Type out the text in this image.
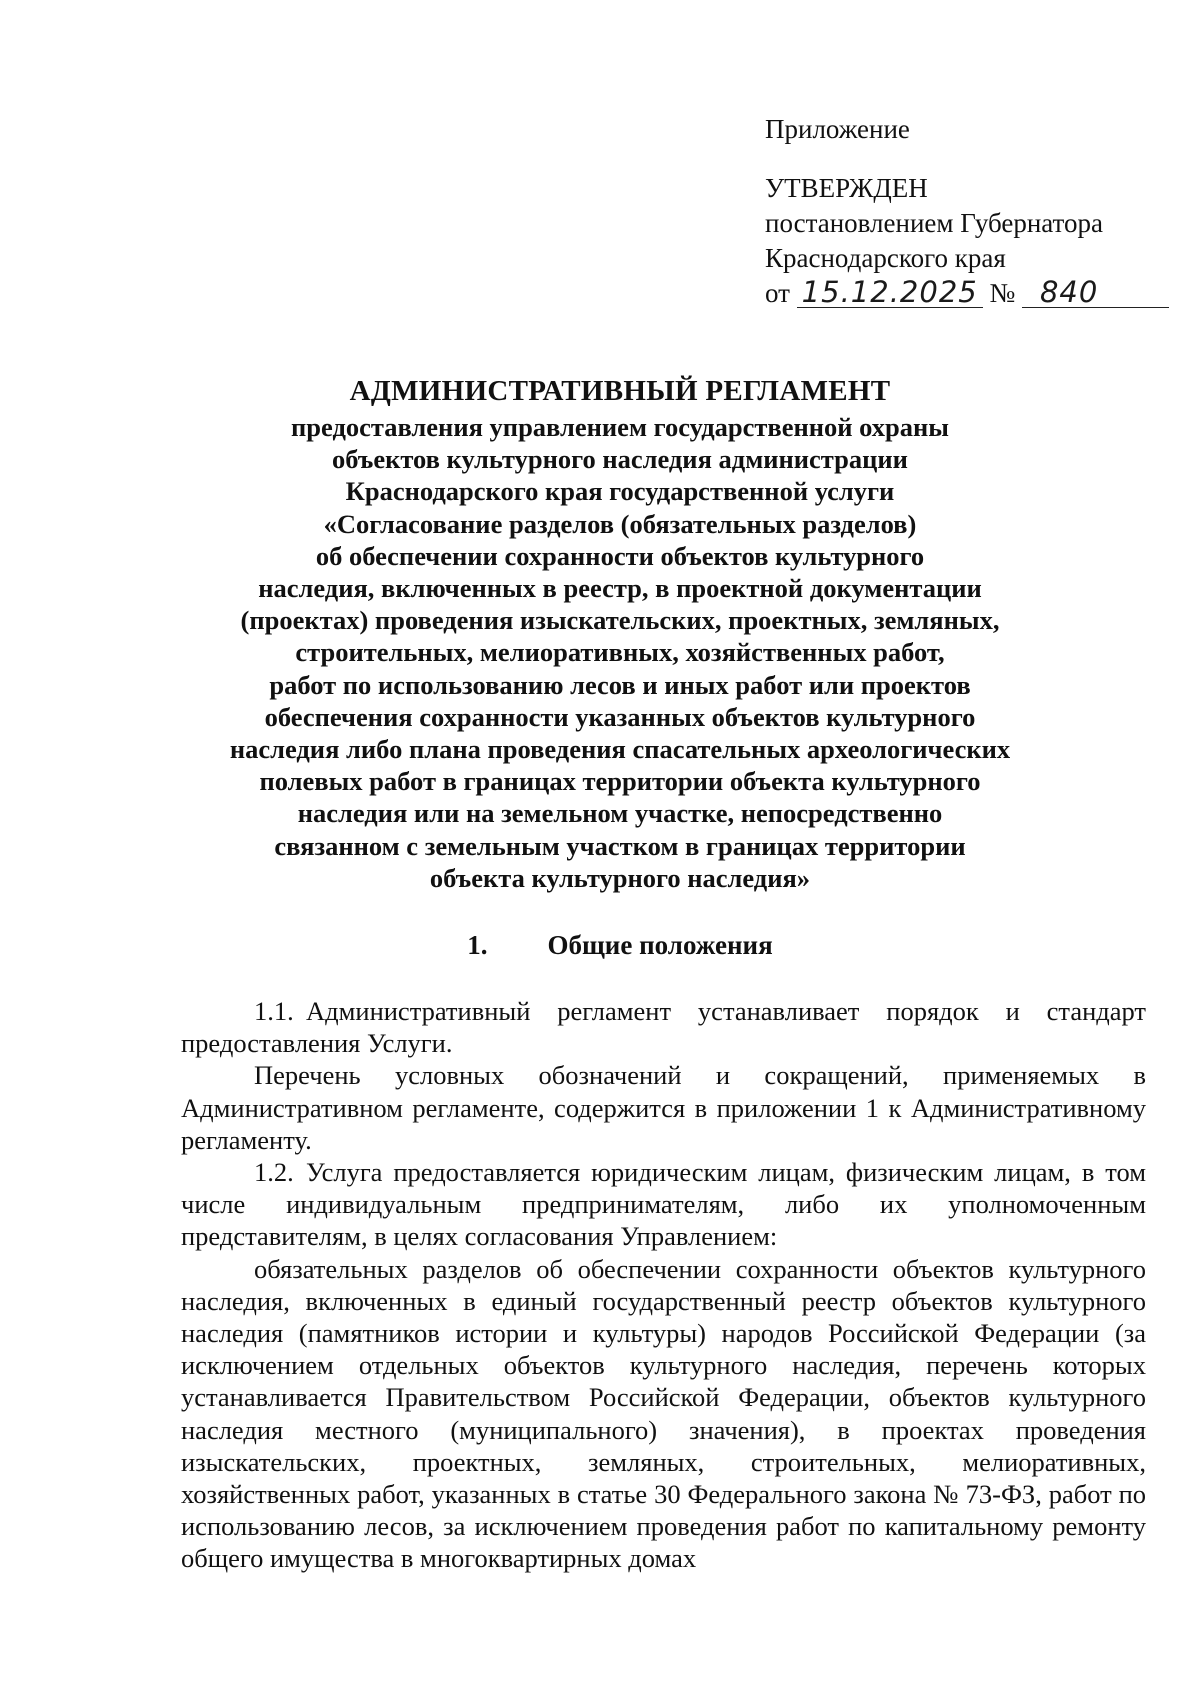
Приложение
УТВЕРЖДЕН
постановлением Губернатора
Краснодарского края
от 15.12.2025 № 840
АДМИНИСТРАТИВНЫЙ РЕГЛАМЕНТ
предоставления управлением государственной охраны
объектов культурного наследия администрации
Краснодарского края государственной услуги
«Согласование разделов (обязательных разделов)
об обеспечении сохранности объектов культурного
наследия, включенных в реестр, в проектной документации
(проектах) проведения изыскательских, проектных, земляных,
строительных, мелиоративных, хозяйственных работ,
работ по использованию лесов и иных работ или проектов
обеспечения сохранности указанных объектов культурного
наследия либо плана проведения спасательных археологических
полевых работ в границах территории объекта культурного
наследия или на земельном участке, непосредственно
связанном с земельным участком в границах территории
объекта культурного наследия»
1. Общие положения

1.1. Административный регламент устанавливает порядок и стандарт предоставления Услуги.

Перечень условных обозначений и сокращений, применяемых в Административном регламенте, содержится в приложении 1 к Административному регламенту.

1.2. Услуга предоставляется юридическим лицам, физическим лицам, в том числе индивидуальным предпринимателям, либо их уполномоченным представителям, в целях согласования Управлением:

обязательных разделов об обеспечении сохранности объектов культурного наследия, включенных в единый государственный реестр объектов культурного наследия (памятников истории и культуры) народов Российской Федерации (за исключением отдельных объектов культурного наследия, перечень которых устанавливается Правительством Российской Федерации, объектов культурного наследия местного (муниципального) значения), в проектах проведения изыскательских, проектных, земляных, строительных, мелиоративных, хозяйственных работ, указанных в статье 30 Федерального закона № 73-ФЗ, работ по использованию лесов, за исключением проведения работ по капитальному ремонту общего имущества в многоквартирных домах
